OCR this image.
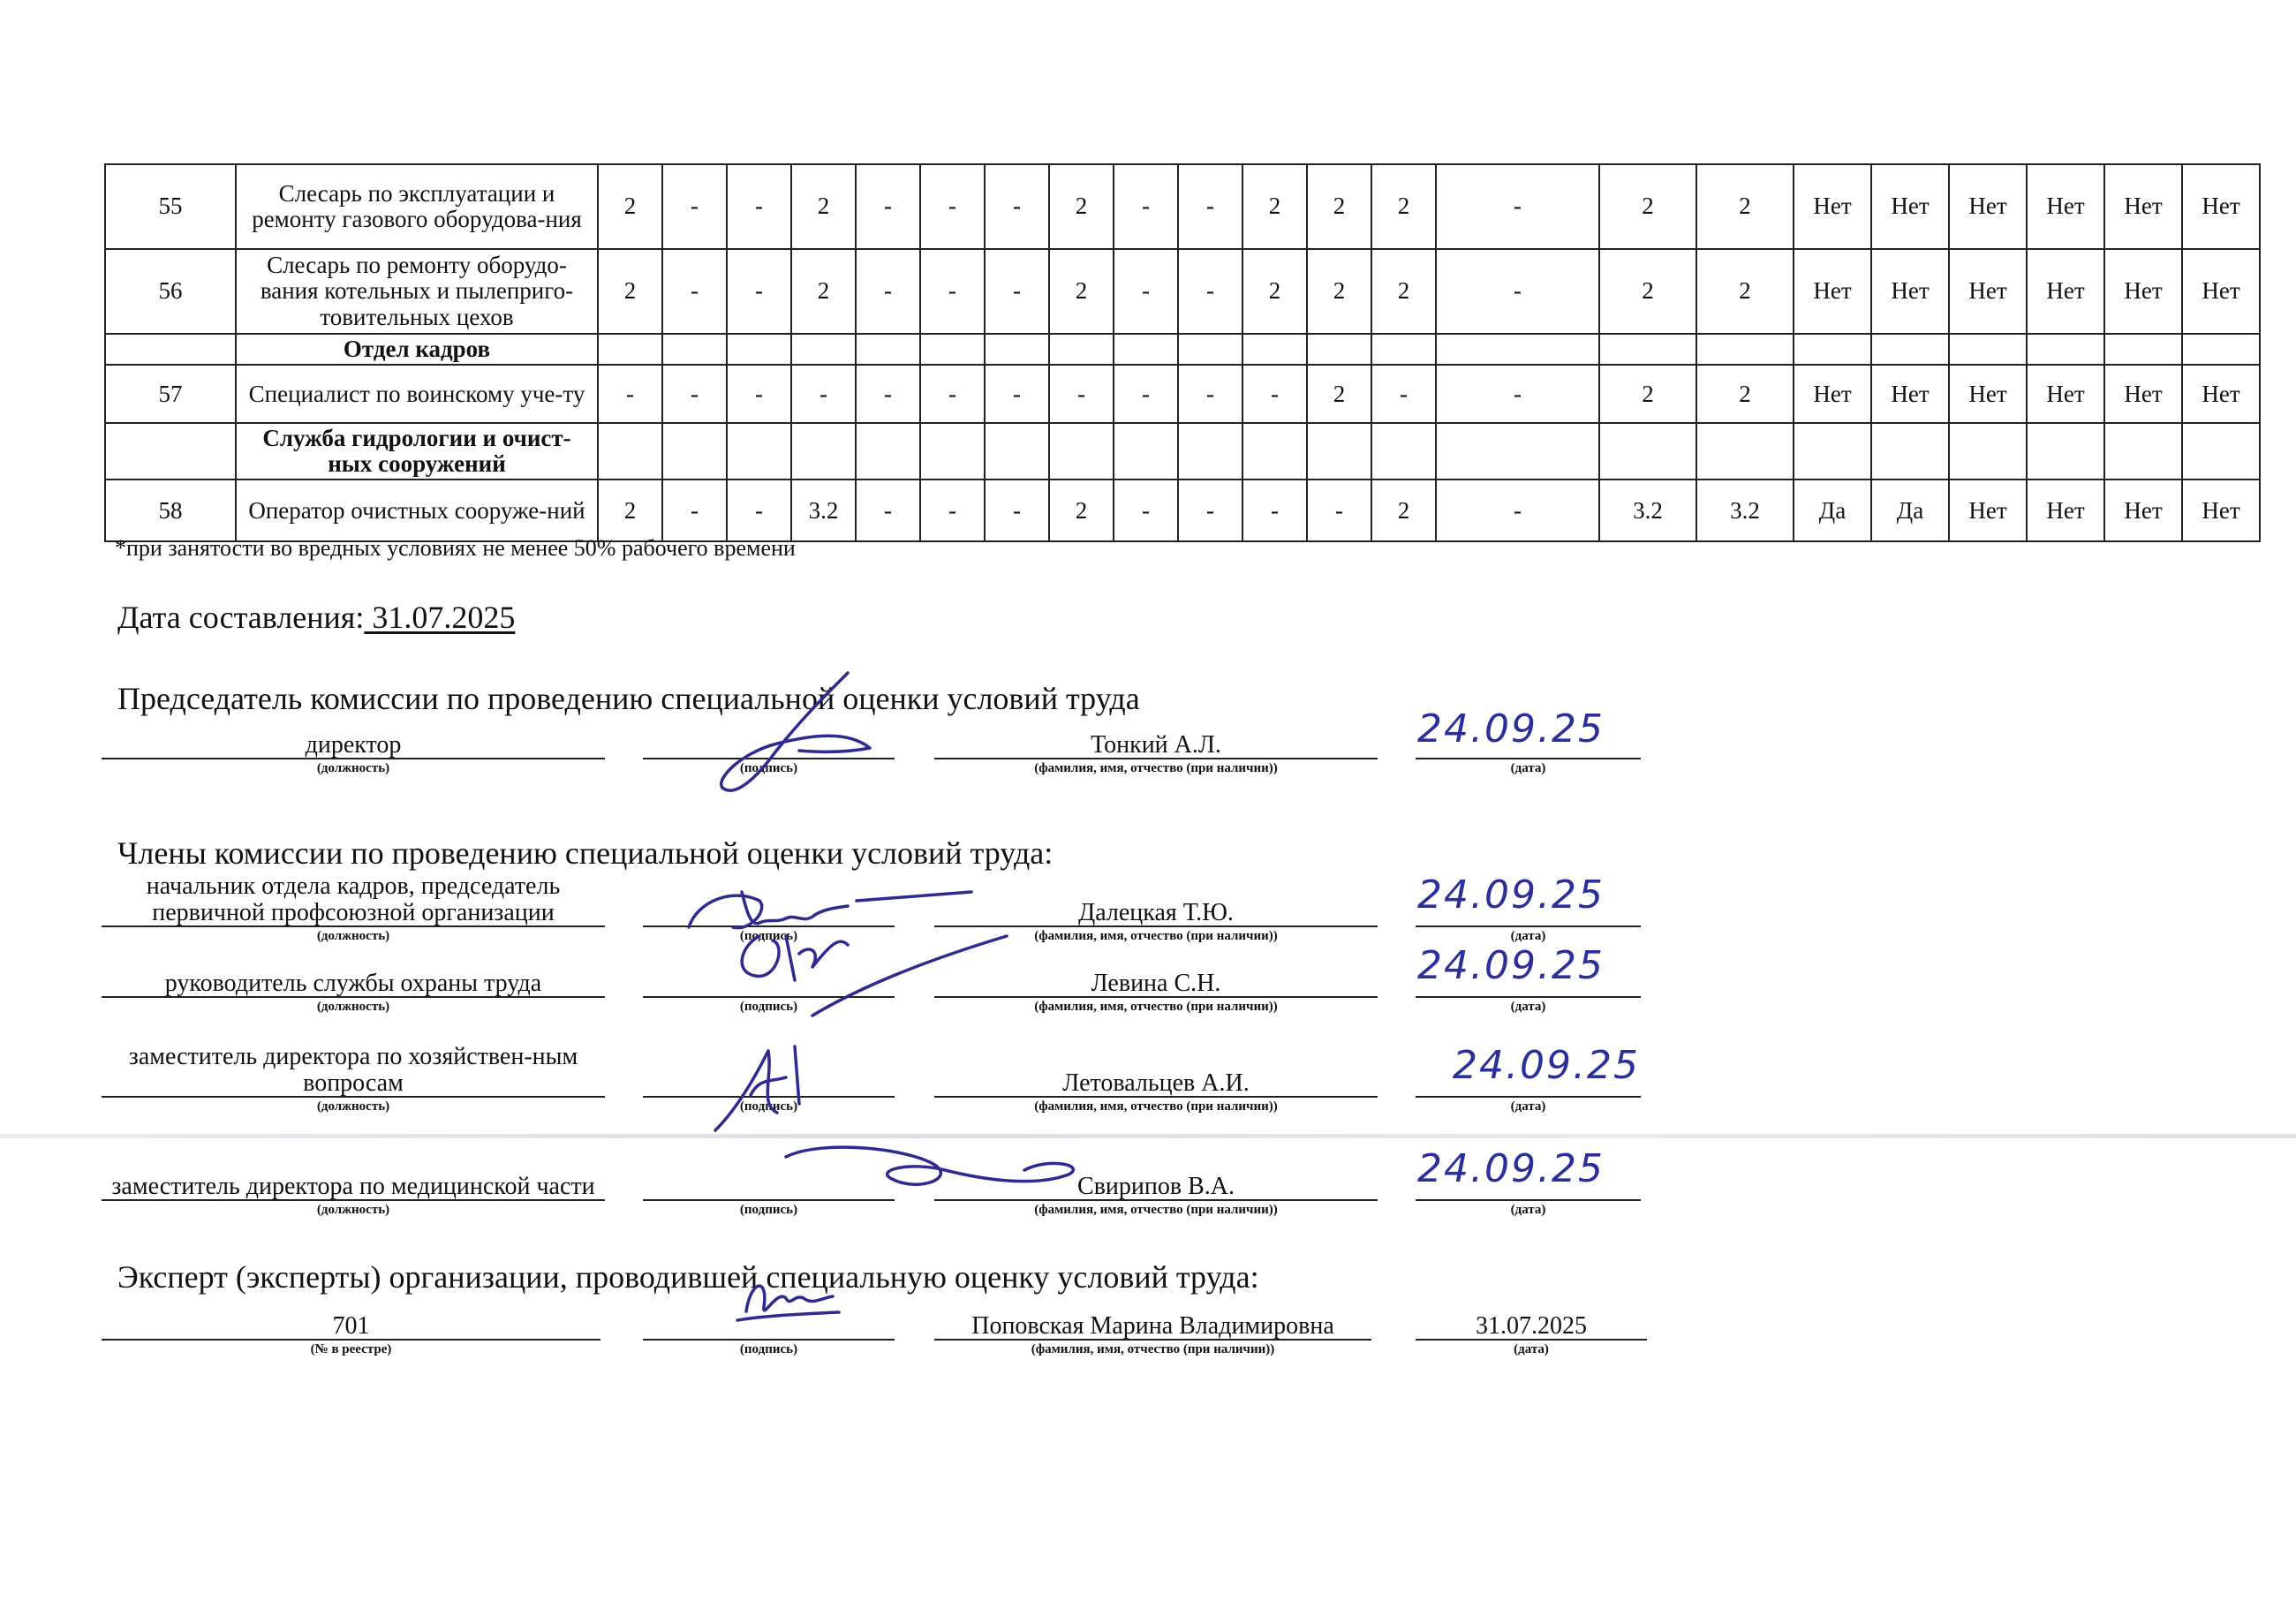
55	Слесарь по эксплуатации и ремонту газового оборудова-ния	2	-	-	2	-	-	-	2	-	-	2	2	2	-	2	2	Нет	Нет	Нет	Нет	Нет	Нет
56	Слесарь по ремонту оборудо-вания котельных и пылеприго-товительных цехов	2	-	-	2	-	-	-	2	-	-	2	2	2	-	2	2	Нет	Нет	Нет	Нет	Нет	Нет
	Отдел кадров																						
57	Специалист по воинскому уче-ту	-	-	-	-	-	-	-	-	-	-	-	2	-	-	2	2	Нет	Нет	Нет	Нет	Нет	Нет
	Служба гидрологии и очист-ных сооружений																						
58	Оператор очистных сооруже-ний	2	-	-	3.2	-	-	-	2	-	-	-	-	2	-	3.2	3.2	Да	Да	Нет	Нет	Нет	Нет
*при занятости во вредных условиях не менее 50% рабочего времени
Дата составления: 31.07.2025
Председатель комиссии по проведению специальной оценки условий труда
директор
(должность)	(подпись)
Тонкий А.Л.
(фамилия, имя, отчество (при наличии))	(дата)
24.09.25
Члены комиссии по проведению специальной оценки условий труда:
начальник отдела кадров, председатель первичной профсоюзной организации
(должность)	(подпись)
Далецкая Т.Ю.
(фамилия, имя, отчество (при наличии))	(дата)
24.09.25
руководитель службы охраны труда
(должность)	(подпись)
Левина С.Н.
(фамилия, имя, отчество (при наличии))	(дата)
24.09.25
заместитель директора по хозяйствен-ным вопросам
(должность)	(подпись)
Летовальцев А.И.
(фамилия, имя, отчество (при наличии))	(дата)
24.09.25
заместитель директора по медицинской части
(должность)	(подпись)
Свирипов В.А.
(фамилия, имя, отчество (при наличии))	(дата)
24.09.25
Эксперт (эксперты) организации, проводившей специальную оценку условий труда:
701
(№ в реестре)	(подпись)
Поповская Марина Владимировна
(фамилия, имя, отчество (при наличии))
31.07.2025
(дата)
